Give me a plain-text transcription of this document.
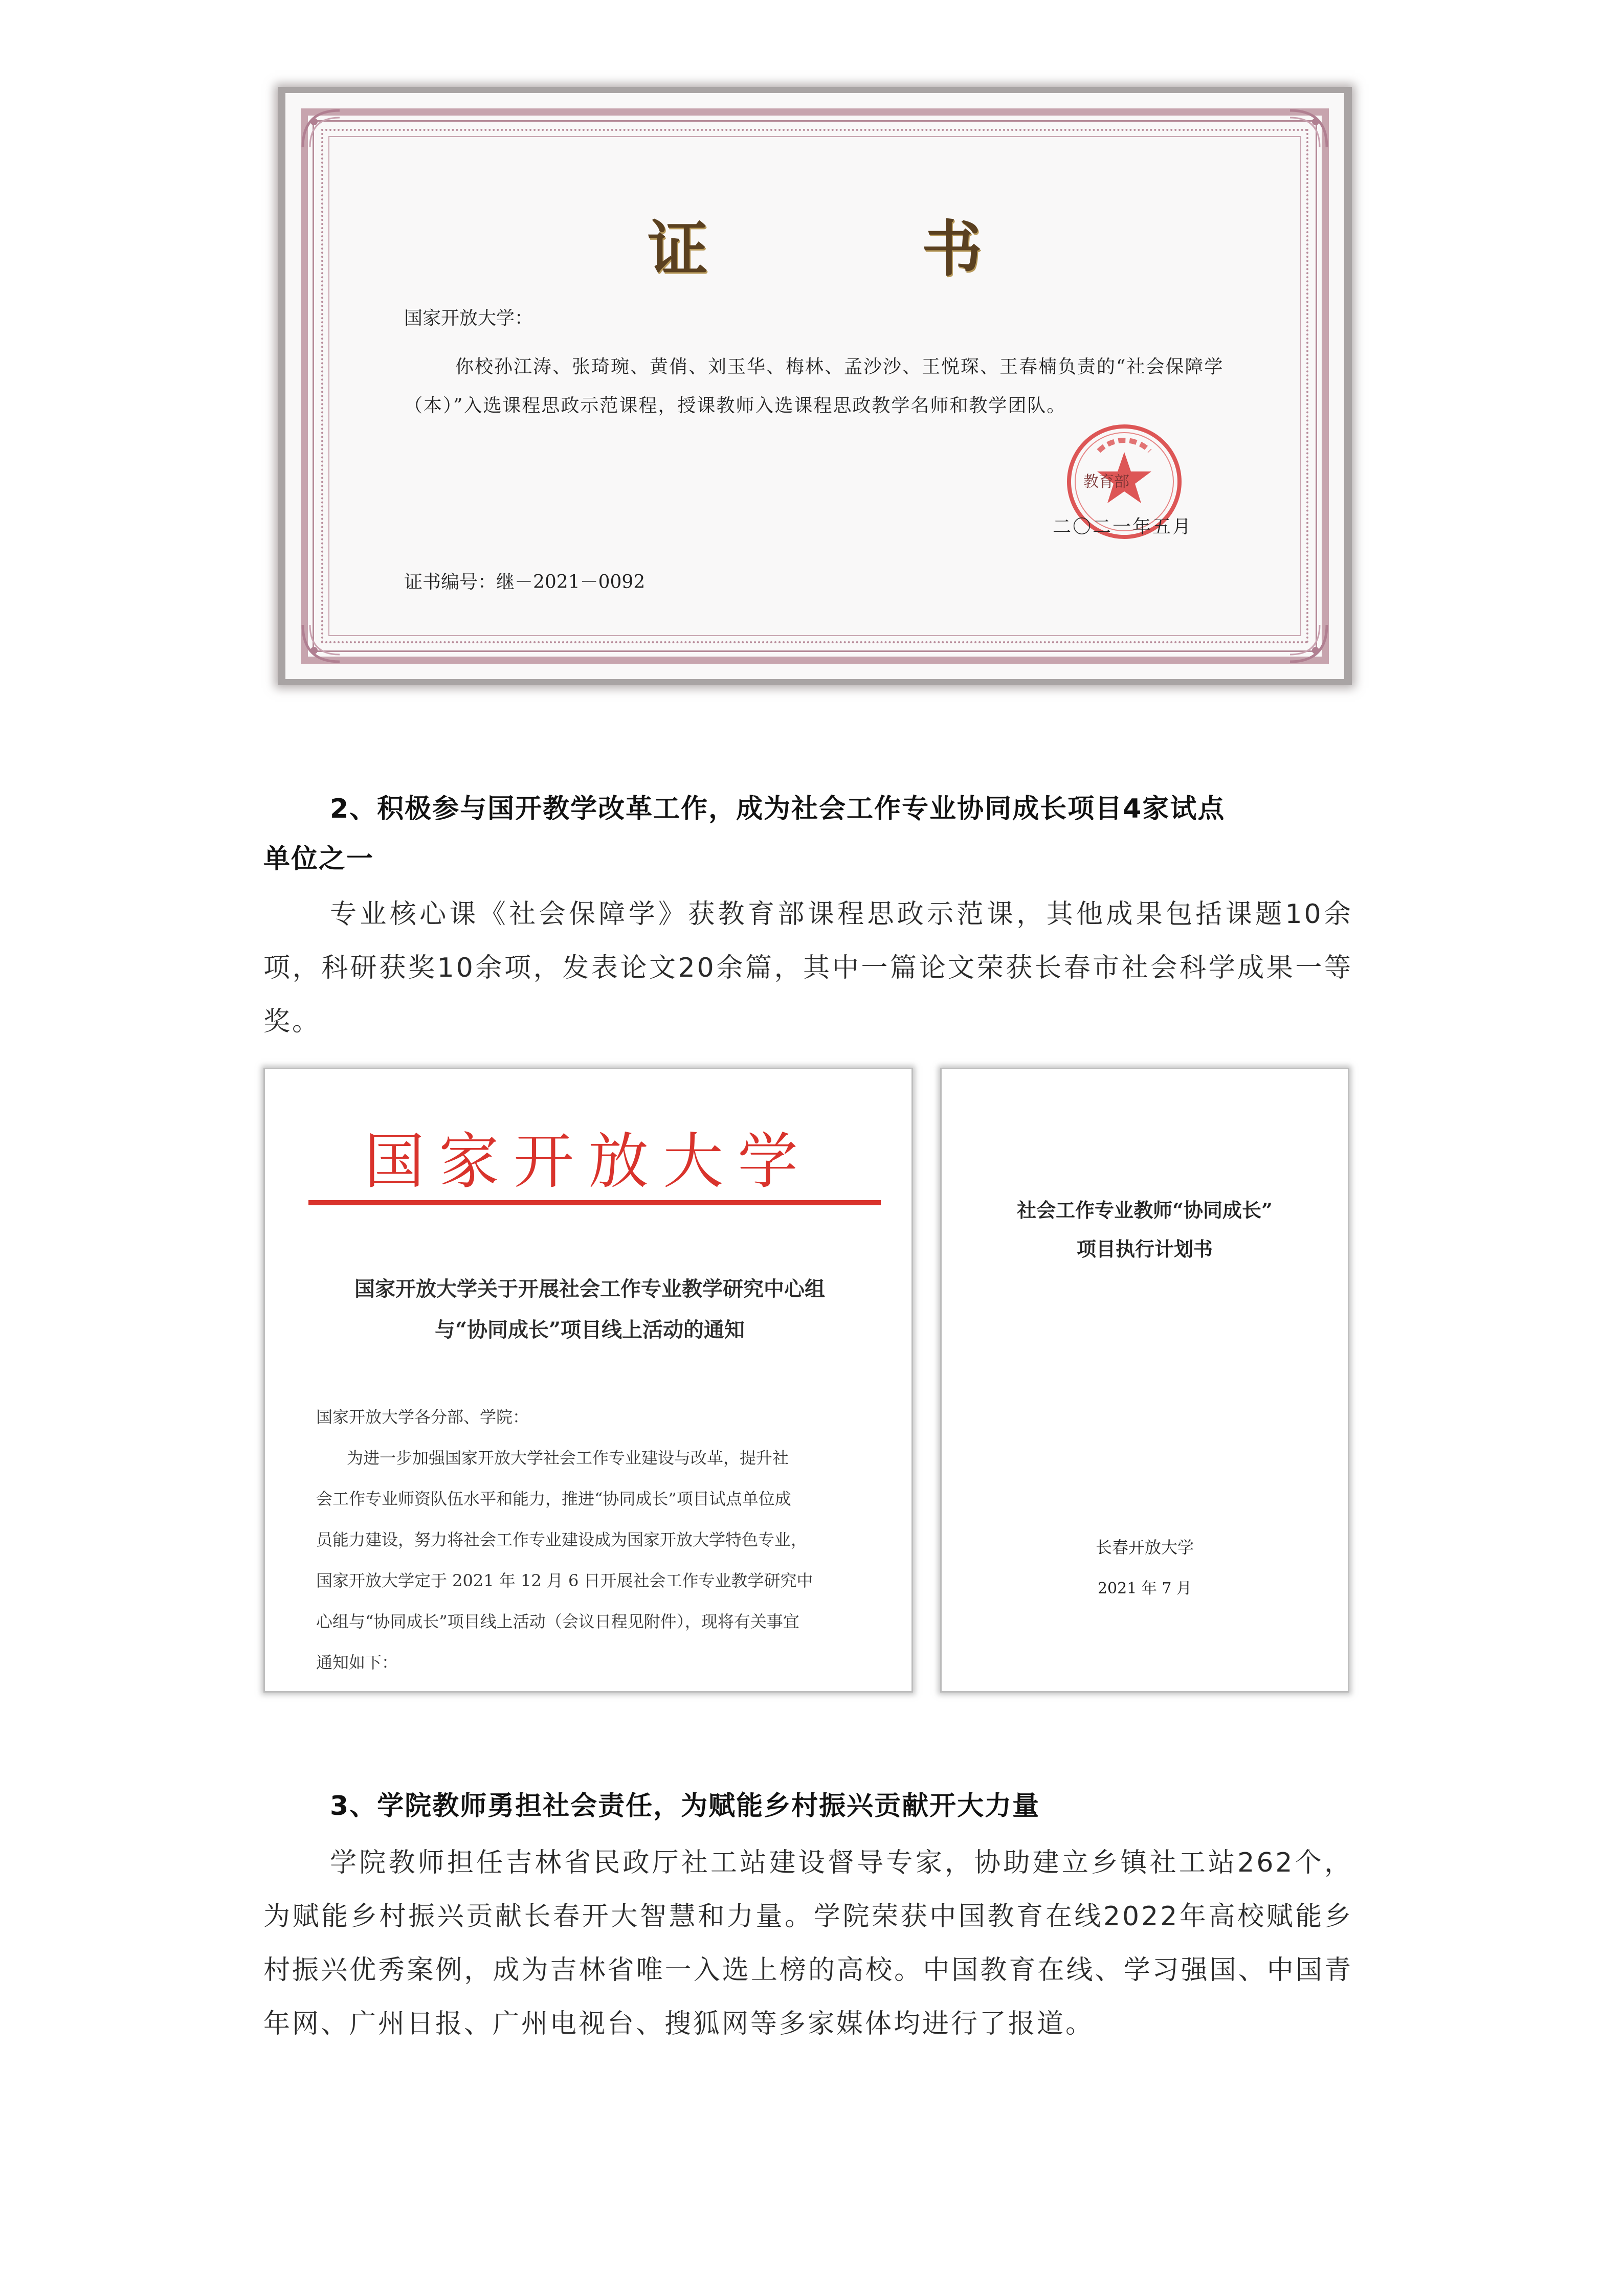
证　书
国家开放大学：
你校孙江涛、张琦琬、黄俏、刘玉华、梅林、孟沙沙、王悦琛、王春楠负责的“社会保障学（本）”入选课程思政示范课程，授课教师入选课程思政教学名师和教学团队。
教育部
二〇二一年五月
证书编号：继－2021－0092
2、积极参与国开教学改革工作，成为社会工作专业协同成长项目4家试点
单位之一

专业核心课《社会保障学》获教育部课程思政示范课，其他成果包括课题10余项，科研获奖10余项，发表论文20余篇，其中一篇论文荣获长春市社会科学成果一等奖。

国家开放大学
国家开放大学关于开展社会工作专业教学研究中心组
与“协同成长”项目线上活动的通知
国家开放大学各分部、学院：
为进一步加强国家开放大学社会工作专业建设与改革，提升社
会工作专业师资队伍水平和能力，推进“协同成长”项目试点单位成
员能力建设，努力将社会工作专业建设成为国家开放大学特色专业，
国家开放大学定于 2021 年 12 月 6 日开展社会工作专业教学研究中
心组与“协同成长”项目线上活动（会议日程见附件），现将有关事宜
通知如下：
社会工作专业教师“协同成长”
项目执行计划书
长春开放大学
2021 年 7 月
3、学院教师勇担社会责任，为赋能乡村振兴贡献开大力量

学院教师担任吉林省民政厅社工站建设督导专家，协助建立乡镇社工站262个，为赋能乡村振兴贡献长春开大智慧和力量。学院荣获中国教育在线2022年高校赋能乡村振兴优秀案例，成为吉林省唯一入选上榜的高校。中国教育在线、学习强国、中国青年网、广州日报、广州电视台、搜狐网等多家媒体均进行了报道。
